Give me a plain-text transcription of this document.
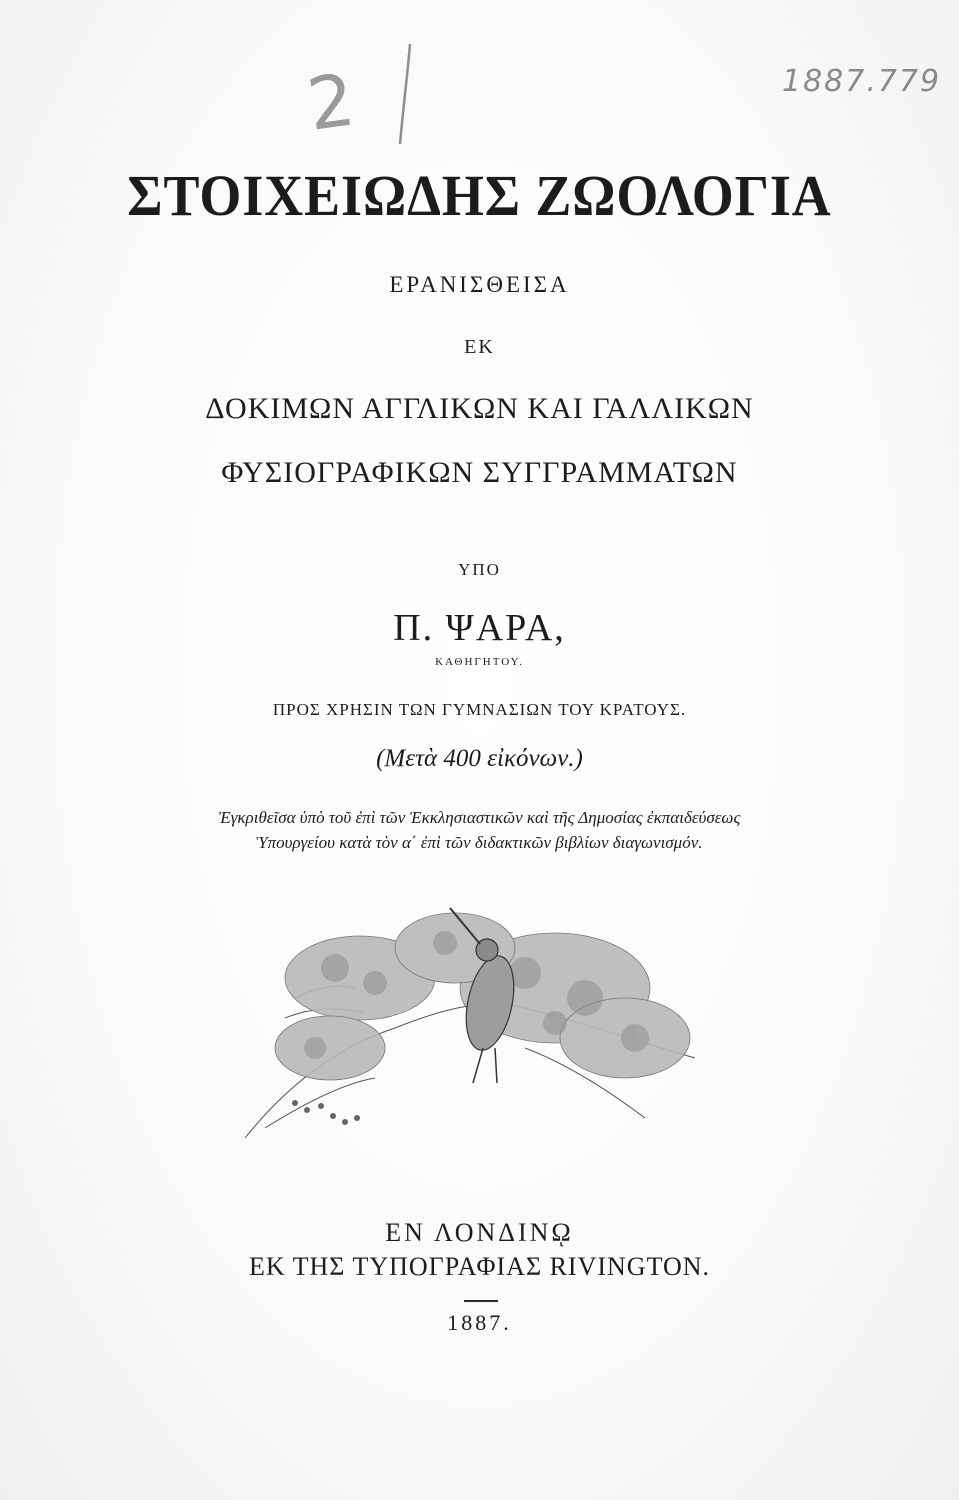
2	1887.779
ΣΤΟΙΧΕΙΩΔΗΣ ΖΩΟΛΟΓΙΑ
ΕΡΑΝΙΣΘΕΙΣΑ
ΕΚ
ΔΟΚΙΜΩΝ ΑΓΓΛΙΚΩΝ ΚΑΙ ΓΑΛΛΙΚΩΝ
ΦΥΣΙΟΓΡΑΦΙΚΩΝ ΣΥΓΓΡΑΜΜΑΤΩΝ
ΥΠΟ
Π. ΨΑΡΑ,
ΚΑΘΗΓΗΤΟΥ.
ΠΡΟΣ ΧΡΗΣΙΝ ΤΩΝ ΓΥΜΝΑΣΙΩΝ ΤΟΥ ΚΡΑΤΟΥΣ.
(Μετὰ 400 εἰκόνων.)
Ἐγκριθεῖσα ὑπὸ τοῦ ἐπὶ τῶν Ἐκκλησιαστικῶν καὶ τῆς Δημοσίας ἐκπαιδεύσεως
Ὑπουργείου κατὰ τὸν α΄ ἐπὶ τῶν διδακτικῶν βιβλίων διαγωνισμόν.
ΕΝ ΛΟΝΔΙΝῼ
ΕΚ ΤΗΣ ΤΥΠΟΓΡΑΦΙΑΣ RIVINGTON.
1887.
